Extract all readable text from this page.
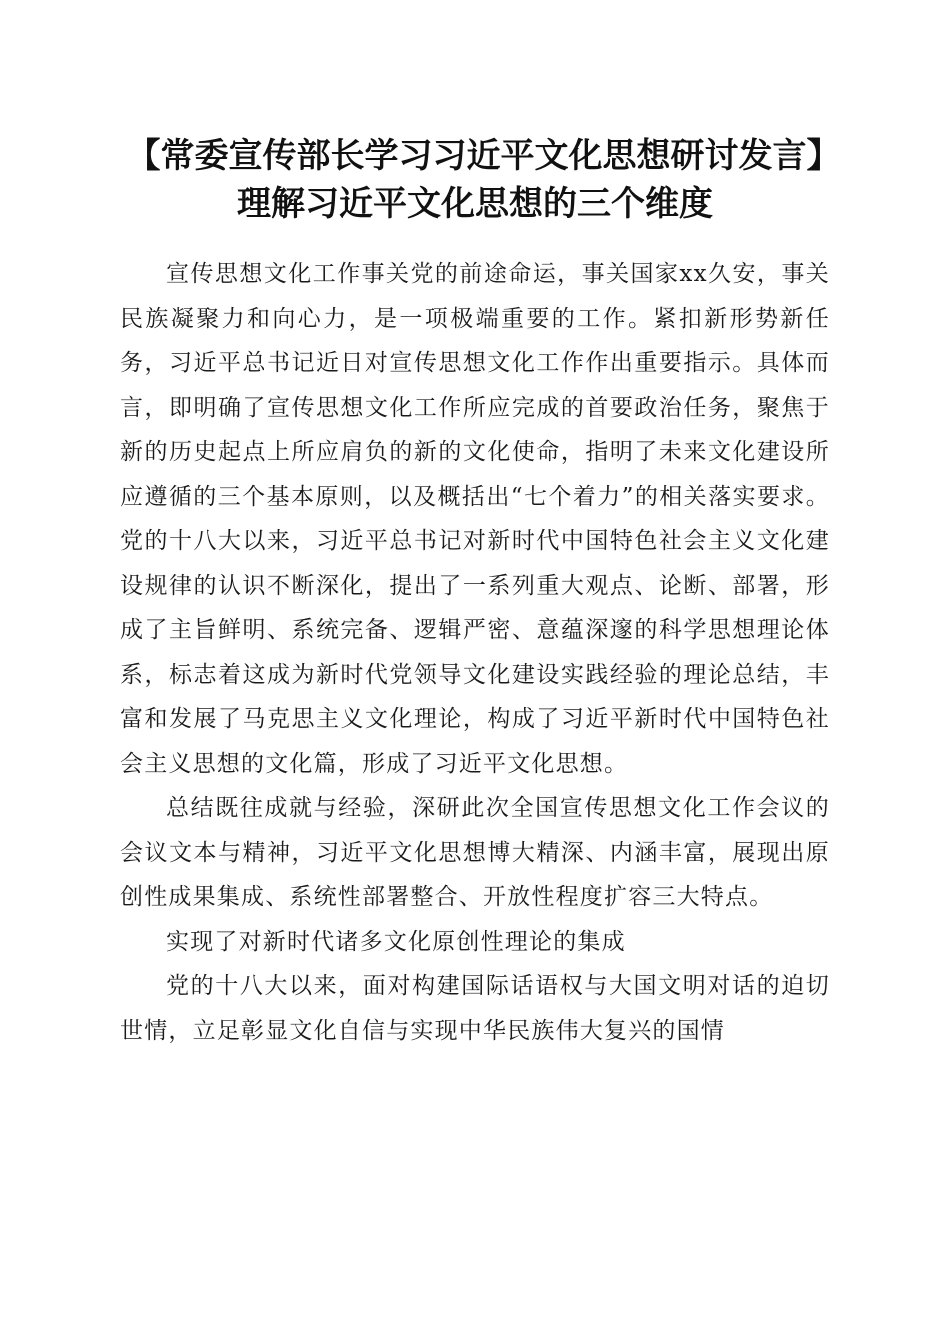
【常委宣传部长学习习近平文化思想研讨发言】理解习近平文化思想的三个维度

宣传思想文化工作事关党的前途命运，事关国家xx久安，事关民族凝聚力和向心力，是一项极端重要的工作。紧扣新形势新任务，习近平总书记近日对宣传思想文化工作作出重要指示。具体而言，即明确了宣传思想文化工作所应完成的首要政治任务，聚焦于新的历史起点上所应肩负的新的文化使命，指明了未来文化建设所应遵循的三个基本原则，以及概括出“七个着力”的相关落实要求。党的十八大以来，习近平总书记对新时代中国特色社会主义文化建设规律的认识不断深化，提出了一系列重大观点、论断、部署，形成了主旨鲜明、系统完备、逻辑严密、意蕴深邃的科学思想理论体系，标志着这成为新时代党领导文化建设实践经验的理论总结，丰富和发展了马克思主义文化理论，构成了习近平新时代中国特色社会主义思想的文化篇，形成了习近平文化思想。

总结既往成就与经验，深研此次全国宣传思想文化工作会议的会议文本与精神，习近平文化思想博大精深、内涵丰富，展现出原创性成果集成、系统性部署整合、开放性程度扩容三大特点。

实现了对新时代诸多文化原创性理论的集成

党的十八大以来，面对构建国际话语权与大国文明对话的迫切世情，立足彰显文化自信与实现中华民族伟大复兴的国情
